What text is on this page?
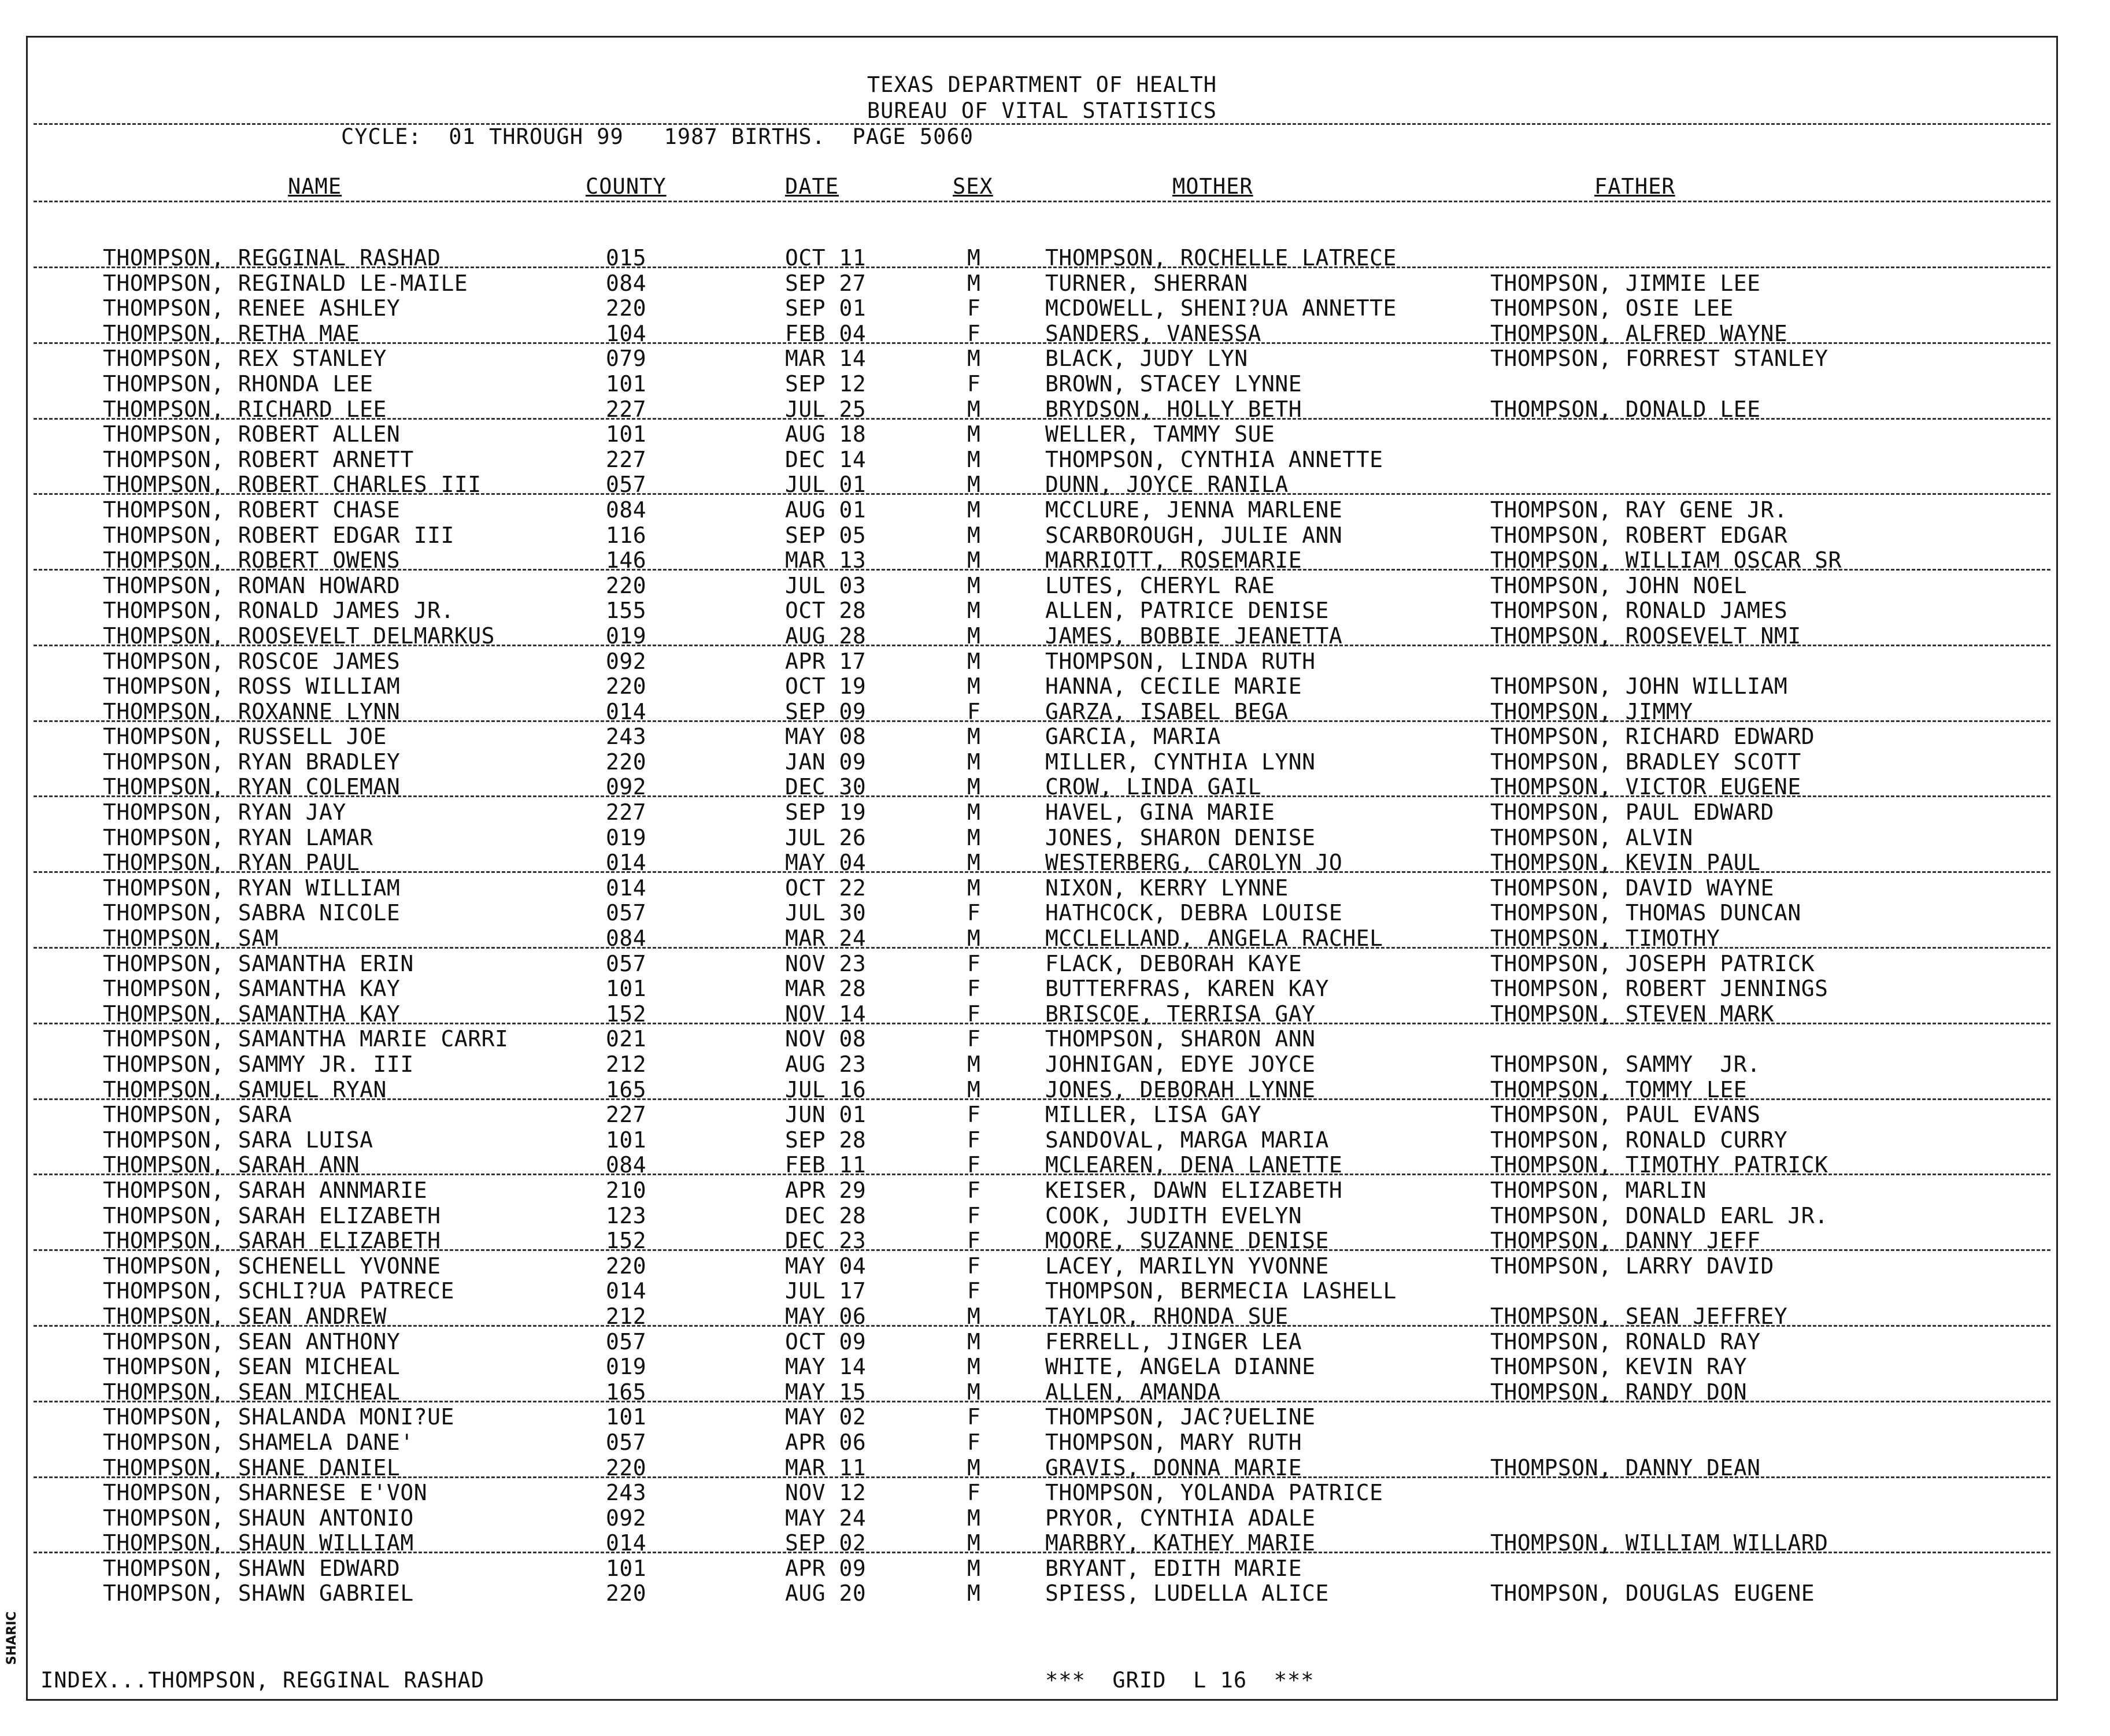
TEXAS DEPARTMENT OF HEALTH
BUREAU OF VITAL STATISTICS
CYCLE:  01 THROUGH 99   1987 BIRTHS.  PAGE 5060
NAME	COUNTY	DATE	SEX	MOTHER	FATHER
THOMPSON, REGGINAL RASHAD	015	OCT 11	M	THOMPSON, ROCHELLE LATRECE
THOMPSON, REGINALD LE-MAILE	084	SEP 27	M	TURNER, SHERRAN	THOMPSON, JIMMIE LEE
THOMPSON, RENEE ASHLEY	220	SEP 01	F	MCDOWELL, SHENI?UA ANNETTE	THOMPSON, OSIE LEE
THOMPSON, RETHA MAE	104	FEB 04	F	SANDERS, VANESSA	THOMPSON, ALFRED WAYNE
THOMPSON, REX STANLEY	079	MAR 14	M	BLACK, JUDY LYN	THOMPSON, FORREST STANLEY
THOMPSON, RHONDA LEE	101	SEP 12	F	BROWN, STACEY LYNNE
THOMPSON, RICHARD LEE	227	JUL 25	M	BRYDSON, HOLLY BETH	THOMPSON, DONALD LEE
THOMPSON, ROBERT ALLEN	101	AUG 18	M	WELLER, TAMMY SUE
THOMPSON, ROBERT ARNETT	227	DEC 14	M	THOMPSON, CYNTHIA ANNETTE
THOMPSON, ROBERT CHARLES III	057	JUL 01	M	DUNN, JOYCE RANILA
THOMPSON, ROBERT CHASE	084	AUG 01	M	MCCLURE, JENNA MARLENE	THOMPSON, RAY GENE JR.
THOMPSON, ROBERT EDGAR III	116	SEP 05	M	SCARBOROUGH, JULIE ANN	THOMPSON, ROBERT EDGAR
THOMPSON, ROBERT OWENS	146	MAR 13	M	MARRIOTT, ROSEMARIE	THOMPSON, WILLIAM OSCAR SR
THOMPSON, ROMAN HOWARD	220	JUL 03	M	LUTES, CHERYL RAE	THOMPSON, JOHN NOEL
THOMPSON, RONALD JAMES JR.	155	OCT 28	M	ALLEN, PATRICE DENISE	THOMPSON, RONALD JAMES
THOMPSON, ROOSEVELT DELMARKUS	019	AUG 28	M	JAMES, BOBBIE JEANETTA	THOMPSON, ROOSEVELT NMI
THOMPSON, ROSCOE JAMES	092	APR 17	M	THOMPSON, LINDA RUTH
THOMPSON, ROSS WILLIAM	220	OCT 19	M	HANNA, CECILE MARIE	THOMPSON, JOHN WILLIAM
THOMPSON, ROXANNE LYNN	014	SEP 09	F	GARZA, ISABEL BEGA	THOMPSON, JIMMY
THOMPSON, RUSSELL JOE	243	MAY 08	M	GARCIA, MARIA	THOMPSON, RICHARD EDWARD
THOMPSON, RYAN BRADLEY	220	JAN 09	M	MILLER, CYNTHIA LYNN	THOMPSON, BRADLEY SCOTT
THOMPSON, RYAN COLEMAN	092	DEC 30	M	CROW, LINDA GAIL	THOMPSON, VICTOR EUGENE
THOMPSON, RYAN JAY	227	SEP 19	M	HAVEL, GINA MARIE	THOMPSON, PAUL EDWARD
THOMPSON, RYAN LAMAR	019	JUL 26	M	JONES, SHARON DENISE	THOMPSON, ALVIN
THOMPSON, RYAN PAUL	014	MAY 04	M	WESTERBERG, CAROLYN JO	THOMPSON, KEVIN PAUL
THOMPSON, RYAN WILLIAM	014	OCT 22	M	NIXON, KERRY LYNNE	THOMPSON, DAVID WAYNE
THOMPSON, SABRA NICOLE	057	JUL 30	F	HATHCOCK, DEBRA LOUISE	THOMPSON, THOMAS DUNCAN
THOMPSON, SAM	084	MAR 24	M	MCCLELLAND, ANGELA RACHEL	THOMPSON, TIMOTHY
THOMPSON, SAMANTHA ERIN	057	NOV 23	F	FLACK, DEBORAH KAYE	THOMPSON, JOSEPH PATRICK
THOMPSON, SAMANTHA KAY	101	MAR 28	F	BUTTERFRAS, KAREN KAY	THOMPSON, ROBERT JENNINGS
THOMPSON, SAMANTHA KAY	152	NOV 14	F	BRISCOE, TERRISA GAY	THOMPSON, STEVEN MARK
THOMPSON, SAMANTHA MARIE CARRI	021	NOV 08	F	THOMPSON, SHARON ANN
THOMPSON, SAMMY JR. III	212	AUG 23	M	JOHNIGAN, EDYE JOYCE	THOMPSON, SAMMY  JR.
THOMPSON, SAMUEL RYAN	165	JUL 16	M	JONES, DEBORAH LYNNE	THOMPSON, TOMMY LEE
THOMPSON, SARA	227	JUN 01	F	MILLER, LISA GAY	THOMPSON, PAUL EVANS
THOMPSON, SARA LUISA	101	SEP 28	F	SANDOVAL, MARGA MARIA	THOMPSON, RONALD CURRY
THOMPSON, SARAH ANN	084	FEB 11	F	MCLEAREN, DENA LANETTE	THOMPSON, TIMOTHY PATRICK
THOMPSON, SARAH ANNMARIE	210	APR 29	F	KEISER, DAWN ELIZABETH	THOMPSON, MARLIN
THOMPSON, SARAH ELIZABETH	123	DEC 28	F	COOK, JUDITH EVELYN	THOMPSON, DONALD EARL JR.
THOMPSON, SARAH ELIZABETH	152	DEC 23	F	MOORE, SUZANNE DENISE	THOMPSON, DANNY JEFF
THOMPSON, SCHENELL YVONNE	220	MAY 04	F	LACEY, MARILYN YVONNE	THOMPSON, LARRY DAVID
THOMPSON, SCHLI?UA PATRECE	014	JUL 17	F	THOMPSON, BERMECIA LASHELL
THOMPSON, SEAN ANDREW	212	MAY 06	M	TAYLOR, RHONDA SUE	THOMPSON, SEAN JEFFREY
THOMPSON, SEAN ANTHONY	057	OCT 09	M	FERRELL, JINGER LEA	THOMPSON, RONALD RAY
THOMPSON, SEAN MICHEAL	019	MAY 14	M	WHITE, ANGELA DIANNE	THOMPSON, KEVIN RAY
THOMPSON, SEAN MICHEAL	165	MAY 15	M	ALLEN, AMANDA	THOMPSON, RANDY DON
THOMPSON, SHALANDA MONI?UE	101	MAY 02	F	THOMPSON, JAC?UELINE
THOMPSON, SHAMELA DANE'	057	APR 06	F	THOMPSON, MARY RUTH
THOMPSON, SHANE DANIEL	220	MAR 11	M	GRAVIS, DONNA MARIE	THOMPSON, DANNY DEAN
THOMPSON, SHARNESE E'VON	243	NOV 12	F	THOMPSON, YOLANDA PATRICE
THOMPSON, SHAUN ANTONIO	092	MAY 24	M	PRYOR, CYNTHIA ADALE
THOMPSON, SHAUN WILLIAM	014	SEP 02	M	MARBRY, KATHEY MARIE	THOMPSON, WILLIAM WILLARD
THOMPSON, SHAWN EDWARD	101	APR 09	M	BRYANT, EDITH MARIE
THOMPSON, SHAWN GABRIEL	220	AUG 20	M	SPIESS, LUDELLA ALICE	THOMPSON, DOUGLAS EUGENE
INDEX...THOMPSON, REGGINAL RASHAD	***  GRID  L 16  ***
SHARIC
